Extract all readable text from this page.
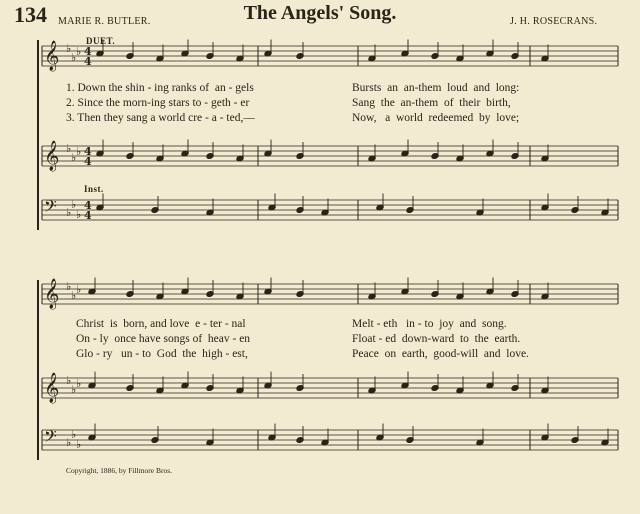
134	The Angels' Song.
MARIE R. BUTLER.	J. H. ROSECRANS.
DUET.
Inst.
1. Down the shin - ing ranks of  an - gels	Bursts  an  an-them  loud  and  long:
2. Since the morn-ing stars to - geth - er	Sang  the  an-them  of  their  birth,
3. Then they sang a world cre - a - ted,—	Now,   a  world  redeemed  by  love;
Christ  is  born, and love  e - ter - nal	Melt - eth   in - to  joy  and  song.
On - ly  once have songs of  heav - en	Float - ed  down-ward  to  the  earth.
Glo - ry   un - to  God  the  high - est,	Peace  on  earth,  good-will  and  love.
Copyright, 1886, by Fillmore Bros.
𝄞 ♭
♭ ♭ 4
4
𝄞 ♭
♭ ♭ 4
4
𝄢 ♭
♭
♭
4
4
𝄞 ♭
♭ ♭
𝄞 ♭
♭ ♭
𝄢 ♭
♭
♭
